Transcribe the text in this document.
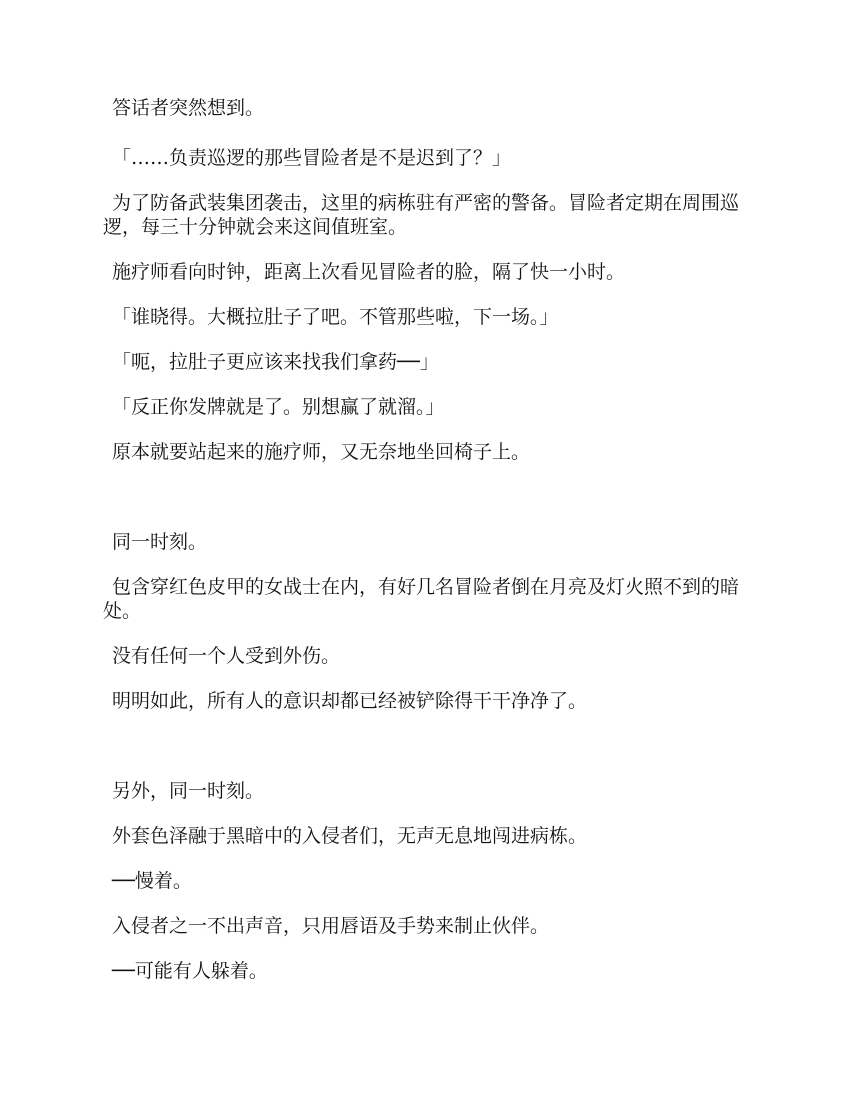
答话者突然想到。

「……负责巡逻的那些冒险者是不是迟到了？」

为了防备武装集团袭击，这里的病栋驻有严密的警备。冒险者定期在周围巡逻，每三十分钟就会来这间值班室。

施疗师看向时钟，距离上次看见冒险者的脸，隔了快一小时。

「谁晓得。大概拉肚子了吧。不管那些啦，下一场。」

「呃，拉肚子更应该来找我们拿药──」

「反正你发牌就是了。别想赢了就溜。」

原本就要站起来的施疗师，又无奈地坐回椅子上。

同一时刻。

包含穿红色皮甲的女战士在内，有好几名冒险者倒在月亮及灯火照不到的暗处。

没有任何一个人受到外伤。

明明如此，所有人的意识却都已经被铲除得干干净净了。

另外，同一时刻。

外套色泽融于黑暗中的入侵者们，无声无息地闯进病栋。

──慢着。

入侵者之一不出声音，只用唇语及手势来制止伙伴。

──可能有人躲着。
